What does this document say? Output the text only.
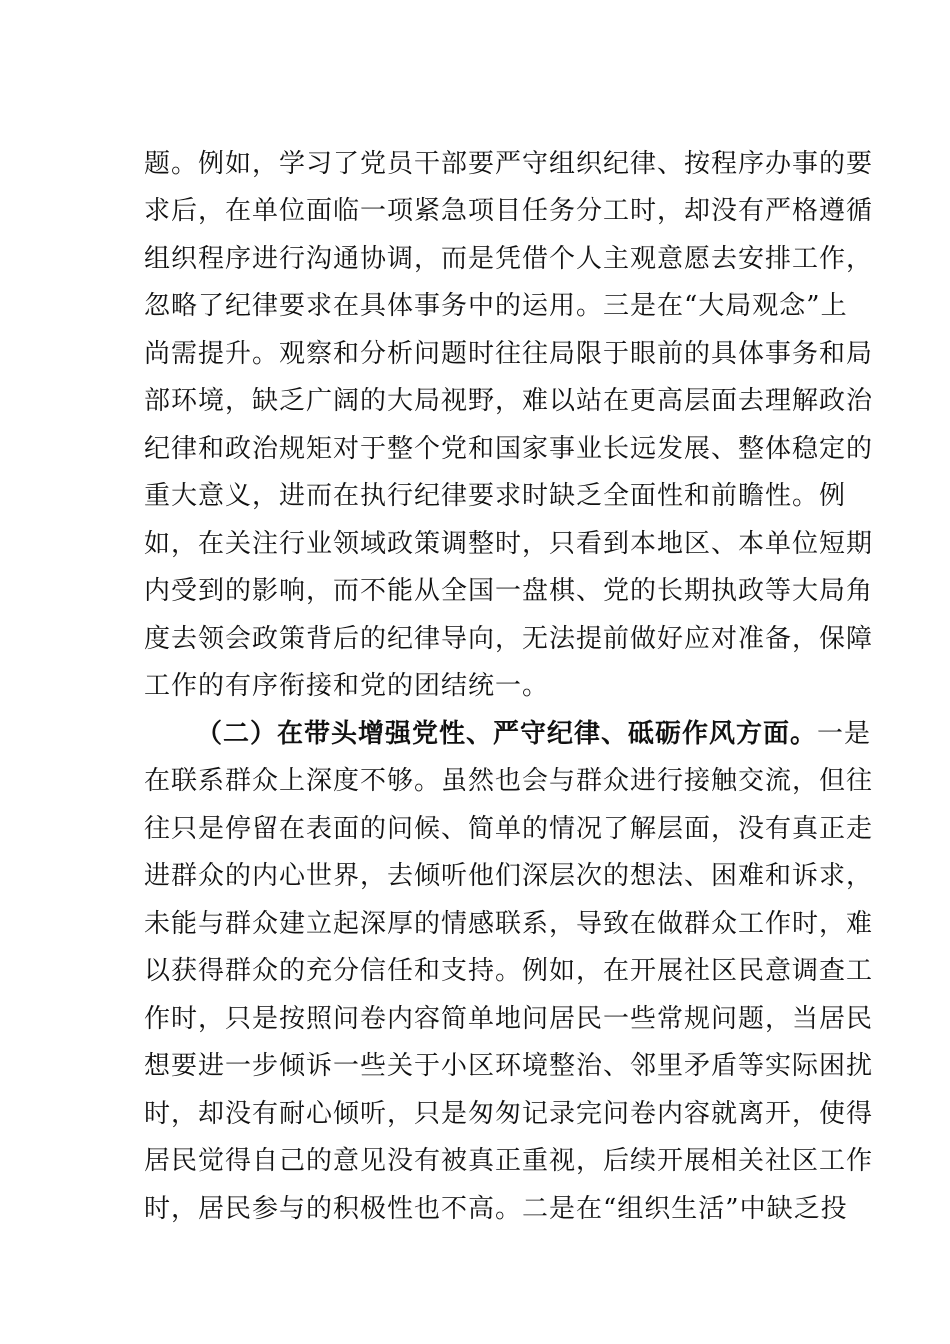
题。例如，学习了党员干部要严守组织纪律、按程序办事的要
求后，在单位面临一项紧急项目任务分工时，却没有严格遵循
组织程序进行沟通协调，而是凭借个人主观意愿去安排工作，
忽略了纪律要求在具体事务中的运用。三是在“大局观念”上
尚需提升。观察和分析问题时往往局限于眼前的具体事务和局
部环境，缺乏广阔的大局视野，难以站在更高层面去理解政治
纪律和政治规矩对于整个党和国家事业长远发展、整体稳定的
重大意义，进而在执行纪律要求时缺乏全面性和前瞻性。例
如，在关注行业领域政策调整时，只看到本地区、本单位短期
内受到的影响，而不能从全国一盘棋、党的长期执政等大局角
度去领会政策背后的纪律导向，无法提前做好应对准备，保障
工作的有序衔接和党的团结统一。
（二）在带头增强党性、严守纪律、砥砺作风方面。一是
在联系群众上深度不够。虽然也会与群众进行接触交流，但往
往只是停留在表面的问候、简单的情况了解层面，没有真正走
进群众的内心世界，去倾听他们深层次的想法、困难和诉求，
未能与群众建立起深厚的情感联系，导致在做群众工作时，难
以获得群众的充分信任和支持。例如，在开展社区民意调查工
作时，只是按照问卷内容简单地问居民一些常规问题，当居民
想要进一步倾诉一些关于小区环境整治、邻里矛盾等实际困扰
时，却没有耐心倾听，只是匆匆记录完问卷内容就离开，使得
居民觉得自己的意见没有被真正重视，后续开展相关社区工作
时，居民参与的积极性也不高。二是在“组织生活”中缺乏投
